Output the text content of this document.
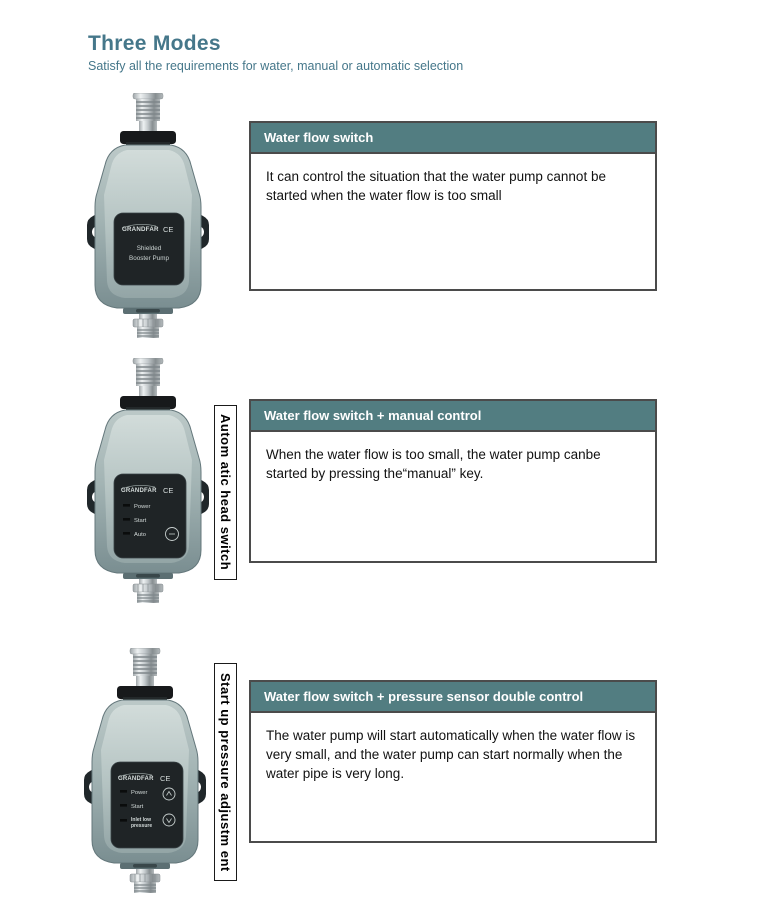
Three Modes
Satisfy all the requirements for water, manual or automatic selection
GRANDFAR CE
Shielded
Booster Pump
GRANDFAR CE
Power
Start
Auto
GRANDFAR CE
Power
Start
Inlet low
pressure
Autom atic head switch
Start up pressure adjustm ent
Water flow switch
It can control the situation that the water pump cannot be started when the water flow is too small
Water flow switch + manual control
When the water flow is too small, the water pump canbe started by pressing the“manual” key.
Water flow switch + pressure sensor double control
The water pump will start automatically when the water flow is very small, and the water pump can start normally when the water pipe is very long.
